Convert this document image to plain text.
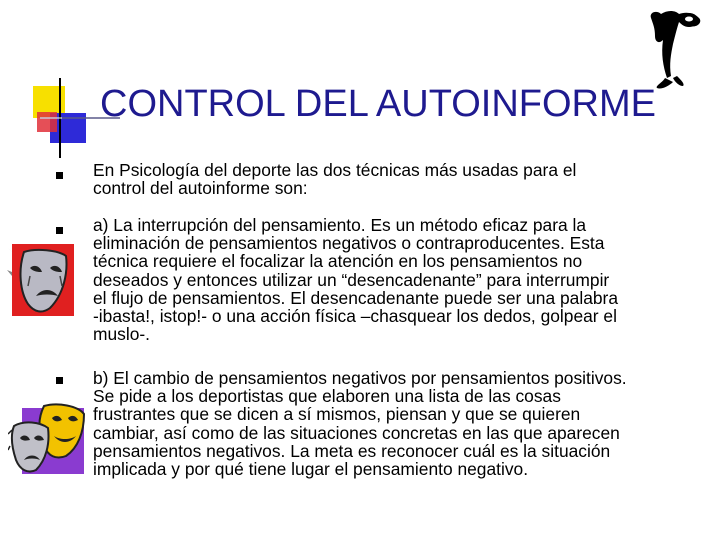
CONTROL DEL AUTOINFORME
En Psicología del deporte las dos técnicas más usadas para el
control del autoinforme son:
a) La interrupción del pensamiento. Es un método eficaz para la
eliminación de pensamientos negativos o contraproducentes. Esta
técnica requiere el focalizar la atención en los pensamientos no
deseados y entonces utilizar un “desencadenante” para interrumpir
el flujo de pensamientos. El desencadenante puede ser una palabra
-ibasta!, istop!- o una acción física –chasquear los dedos, golpear el
muslo-.
b) El cambio de pensamientos negativos por pensamientos positivos.
Se pide a los deportistas que elaboren una lista de las cosas
frustrantes que se dicen a sí mismos, piensan y que se quieren
cambiar, así como de las situaciones concretas en las que aparecen
pensamientos negativos. La meta es reconocer cuál es la situación
implicada y por qué tiene lugar el pensamiento negativo.
